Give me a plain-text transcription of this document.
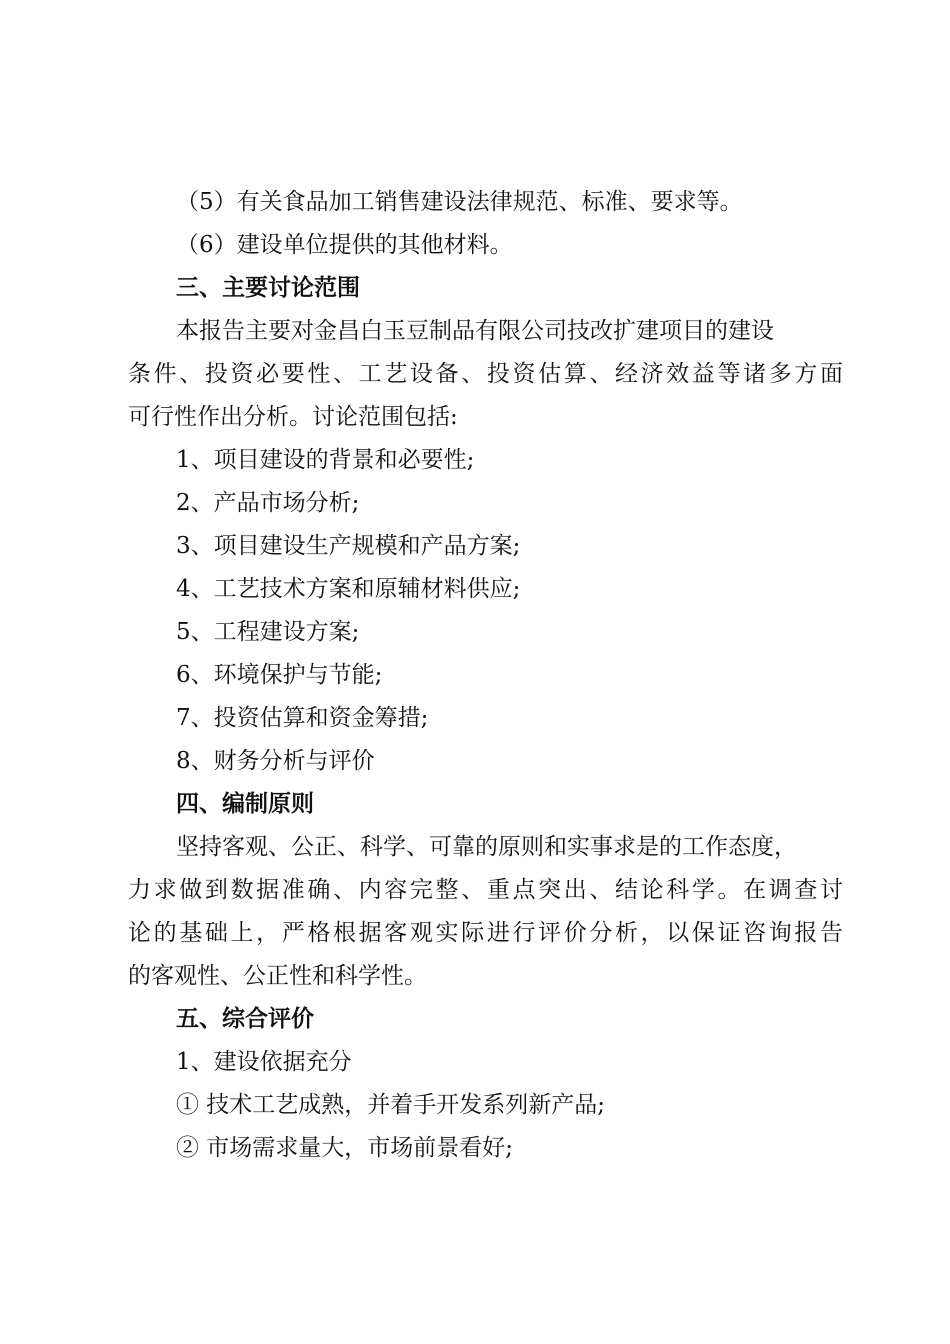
（5）有关食品加工销售建设法律规范、标准、要求等。
（6）建设单位提供的其他材料。
三、主要讨论范围
本报告主要对金昌白玉豆制品有限公司技改扩建项目的建设
条件、投资必要性、工艺设备、投资估算、经济效益等诸多方面
可行性作出分析。讨论范围包括:
1、项目建设的背景和必要性;
2、产品市场分析;
3、项目建设生产规模和产品方案;
4、工艺技术方案和原辅材料供应;
5、工程建设方案;
6、环境保护与节能;
7、投资估算和资金筹措;
8、财务分析与评价
四、编制原则
坚持客观、公正、科学、可靠的原则和实事求是的工作态度，
力求做到数据准确、内容完整、重点突出、结论科学。在调查讨
论的基础上，严格根据客观实际进行评价分析，以保证咨询报告
的客观性、公正性和科学性。
五、综合评价
1、建设依据充分
① 技术工艺成熟，并着手开发系列新产品;
② 市场需求量大，市场前景看好;
